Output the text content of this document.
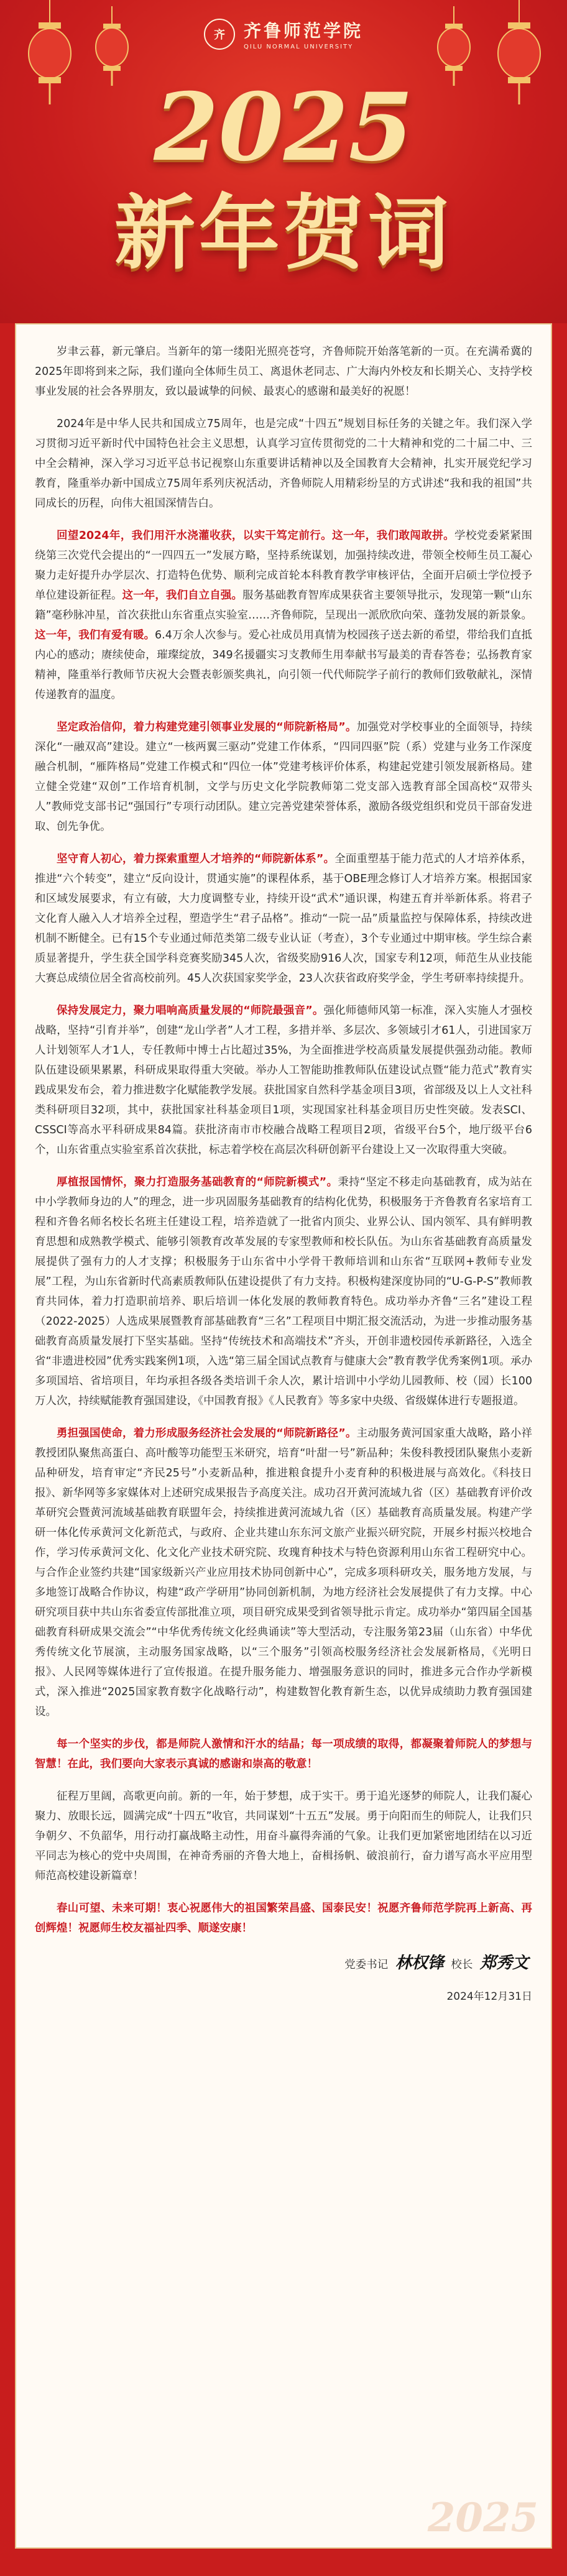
齐	齐鲁师范学院
QILU NORMAL UNIVERSITY
2025
新年贺词

岁聿云暮，新元肇启。当新年的第一缕阳光照亮苍穹，齐鲁师院开始落笔新的一页。在充满希冀的2025年即将到来之际，我们谨向全体师生员工、离退休老同志、广大海内外校友和长期关心、支持学校事业发展的社会各界朋友，致以最诚挚的问候、最衷心的感谢和最美好的祝愿！

2024年是中华人民共和国成立75周年，也是完成“十四五”规划目标任务的关键之年。我们深入学习贯彻习近平新时代中国特色社会主义思想，认真学习宣传贯彻党的二十大精神和党的二十届二中、三中全会精神，深入学习习近平总书记视察山东重要讲话精神以及全国教育大会精神，扎实开展党纪学习教育，隆重举办新中国成立75周年系列庆祝活动，齐鲁师院人用精彩纷呈的方式讲述“我和我的祖国”共同成长的历程，向伟大祖国深情告白。

回望2024年，我们用汗水浇灌收获，以实干笃定前行。这一年，我们敢闯敢拼。学校党委紧紧围绕第三次党代会提出的“一四四五一”发展方略，坚持系统谋划，加强持续改进，带领全校师生员工凝心聚力走好提升办学层次、打造特色优势、顺利完成首轮本科教育教学审核评估，全面开启硕士学位授予单位建设新征程。这一年，我们自立自强。服务基础教育智库成果获省主要领导批示，发现第一颗“山东籍”毫秒脉冲星，首次获批山东省重点实验室……齐鲁师院，呈现出一派欣欣向荣、蓬勃发展的新景象。这一年，我们有爱有暖。6.4万余人次参与。爱心社成员用真情为校园孩子送去新的希望，带给我们直抵内心的感动；赓续使命，璀璨绽放，349名援疆实习支教师生用奉献书写最美的青春答卷；弘扬教育家精神，隆重举行教师节庆祝大会暨表彰颁奖典礼，向引领一代代师院学子前行的教师们致敬献礼，深情传递教育的温度。

坚定政治信仰，着力构建党建引领事业发展的“师院新格局”。加强党对学校事业的全面领导，持续深化“一融双高”建设。建立“一核两翼三驱动”党建工作体系，“四同四驱”院（系）党建与业务工作深度融合机制，“雁阵格局”党建工作模式和“四位一体”党建考核评价体系，构建起党建引领发展新格局。建立健全党建“双创”工作培育机制，文学与历史文化学院教师第二党支部入选教育部全国高校“双带头人”教师党支部书记“强国行”专项行动团队。建立完善党建荣誉体系，激励各级党组织和党员干部奋发进取、创先争优。

坚守育人初心，着力探索重塑人才培养的“师院新体系”。全面重塑基于能力范式的人才培养体系，推进“六个转变”，建立“反向设计，贯通实施”的课程体系，基于OBE理念修订人才培养方案。根据国家和区域发展要求，有立有破，大力度调整专业，持续开设“武术”通识课，构建五育并举新体系。将君子文化育人融入人才培养全过程，塑造学生“君子品格”。推动“一院一品”质量监控与保障体系，持续改进机制不断健全。已有15个专业通过师范类第二级专业认证（考查），3个专业通过中期审核。学生综合素质显著提升，学生获全国学科竞赛奖励345人次，省级奖励916人次，国家专利12项，师范生从业技能大赛总成绩位居全省高校前列。45人次获国家奖学金，23人次获省政府奖学金，学生考研率持续提升。

保持发展定力，聚力唱响高质量发展的“师院最强音”。强化师德师风第一标准，深入实施人才强校战略，坚持“引育并举”，创建“龙山学者”人才工程，多措并举、多层次、多领域引才61人，引进国家万人计划领军人才1人，专任教师中博士占比超过35%，为全面推进学校高质量发展提供强劲动能。教师队伍建设硕果累累，科研成果取得重大突破。举办人工智能助推教师队伍建设试点暨“能力范式”教育实践成果发布会，着力推进数字化赋能教学发展。获批国家自然科学基金项目3项，省部级及以上人文社科类科研项目32项，其中，获批国家社科基金项目1项，实现国家社科基金项目历史性突破。发表SCI、CSSCI等高水平科研成果84篇。获批济南市市校融合战略工程项目2项，省级平台5个，地厅级平台6个，山东省重点实验室系首次获批，标志着学校在高层次科研创新平台建设上又一次取得重大突破。

厚植报国情怀，聚力打造服务基础教育的“师院新模式”。秉持“坚定不移走向基础教育，成为站在中小学教师身边的人”的理念，进一步巩固服务基础教育的结构化优势，积极服务于齐鲁教育名家培育工程和齐鲁名师名校长名班主任建设工程，培养造就了一批省内顶尖、业界公认、国内领军、具有鲜明教育思想和成熟教学模式、能够引领教育改革发展的专家型教师和校长队伍。为山东省基础教育高质量发展提供了强有力的人才支撑；积极服务于山东省中小学骨干教师培训和山东省“互联网+教师专业发展”工程，为山东省新时代高素质教师队伍建设提供了有力支持。积极构建深度协同的“U-G-P-S”教师教育共同体，着力打造职前培养、职后培训一体化发展的教师教育特色。成功举办齐鲁“三名”建设工程（2022-2025）人选成果展暨教育部基础教育“三名”工程项目中期汇报交流活动，为进一步推动服务基础教育高质量发展打下坚实基础。坚持“传统技术和高端技术”齐头，开创非遗校园传承新路径，入选全省“非遗进校园”优秀实践案例1项，入选“第三届全国试点教育与健康大会”教育教学优秀案例1项。承办多项国培、省培项目，年均承担各级各类培训千余人次，累计培训中小学幼儿园教师、校（园）长100万人次，持续赋能教育强国建设，《中国教育报》《人民教育》等多家中央级、省级媒体进行专题报道。

勇担强国使命，着力形成服务经济社会发展的“师院新路径”。主动服务黄河国家重大战略，路小祥教授团队聚焦高蛋白、高叶酸等功能型玉米研究，培育“叶甜一号”新品种；朱俊科教授团队聚焦小麦新品种研发，培育审定“齐民25号”小麦新品种，推进粮食提升小麦育种的积极进展与高效化。《科技日报》、新华网等多家媒体对上述研究成果报告予高度关注。成功召开黄河流域九省（区）基础教育评价改革研究会暨黄河流域基础教育联盟年会，持续推进黄河流域九省（区）基础教育高质量发展。构建产学研一体化传承黄河文化新范式，与政府、企业共建山东东河文旅产业振兴研究院，开展乡村振兴校地合作，学习传承黄河文化、化文化产业技术研究院、玫瑰育种技术与特色资源利用山东省工程研究中心。与合作企业签约共建“国家级新兴产业应用技术协同创新中心”，完成多项科研攻关，服务地方发展，与多地签订战略合作协议，构建“政产学研用”协同创新机制，为地方经济社会发展提供了有力支撑。中心研究项目获中共山东省委宣传部批准立项，项目研究成果受到省领导批示肯定。成功举办“第四届全国基础教育科研成果交流会”“中华优秀传统文化经典诵读”等大型活动，专注服务第23届（山东省）中华优秀传统文化节展演，主动服务国家战略，以“三个服务”引领高校服务经济社会发展新格局，《光明日报》、人民网等媒体进行了宣传报道。在提升服务能力、增强服务意识的同时，推进多元合作办学新模式，深入推进“2025国家教育数字化战略行动”，构建数智化教育新生态，以优异成绩助力教育强国建设。

每一个坚实的步伐，都是师院人激情和汗水的结晶；每一项成绩的取得，都凝聚着师院人的梦想与智慧！在此，我们要向大家表示真诚的感谢和崇高的敬意！

征程万里阔，高歌更向前。新的一年，始于梦想，成于实干。勇于追光逐梦的师院人，让我们凝心聚力、放眼长远，圆满完成“十四五”收官，共同谋划“十五五”发展。勇于向阳而生的师院人，让我们只争朝夕、不负韶华，用行动打赢战略主动性，用奋斗赢得奔涌的气象。让我们更加紧密地团结在以习近平同志为核心的党中央周围，在神奇秀丽的齐鲁大地上，奋楫扬帆、破浪前行，奋力谱写高水平应用型师范高校建设新篇章！

春山可望、未来可期！衷心祝愿伟大的祖国繁荣昌盛、国泰民安！祝愿齐鲁师范学院再上新高、再创辉煌！祝愿师生校友福祉四季、顺遂安康！

党委书记 林权锋 校长 郑秀文
2024年12月31日
2025
